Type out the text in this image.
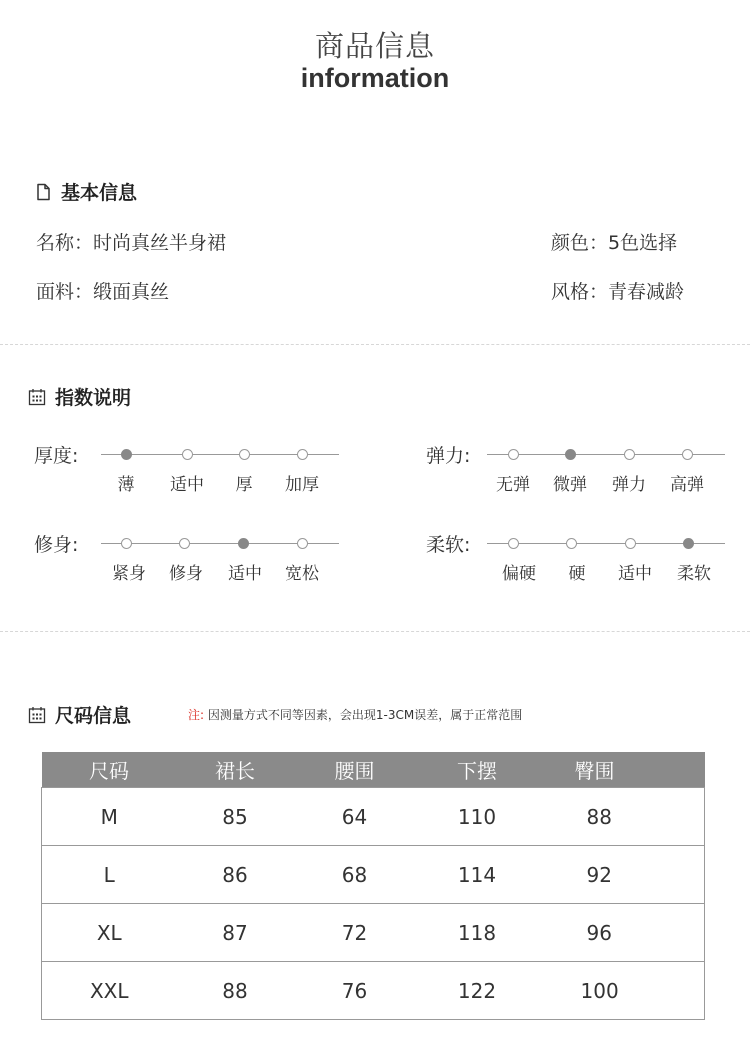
商品信息
information
基本信息
名称：时尚真丝半身裙	颜色：5色选择
面料：缎面真丝	风格：青春减龄
指数说明
厚度:
薄 适中 厚 加厚
弹力:
无弹 微弹 弹力 高弹
修身:
紧身 修身 适中 宽松
柔软:
偏硬 硬 适中 柔软
尺码信息	注: 因测量方式不同等因素，会出现1-3CM误差，属于正常范围
尺码	裙长	腰围	下摆	臀围
M	85	64	110	88
L	86	68	114	92
XL	87	72	118	96
XXL	88	76	122	100
